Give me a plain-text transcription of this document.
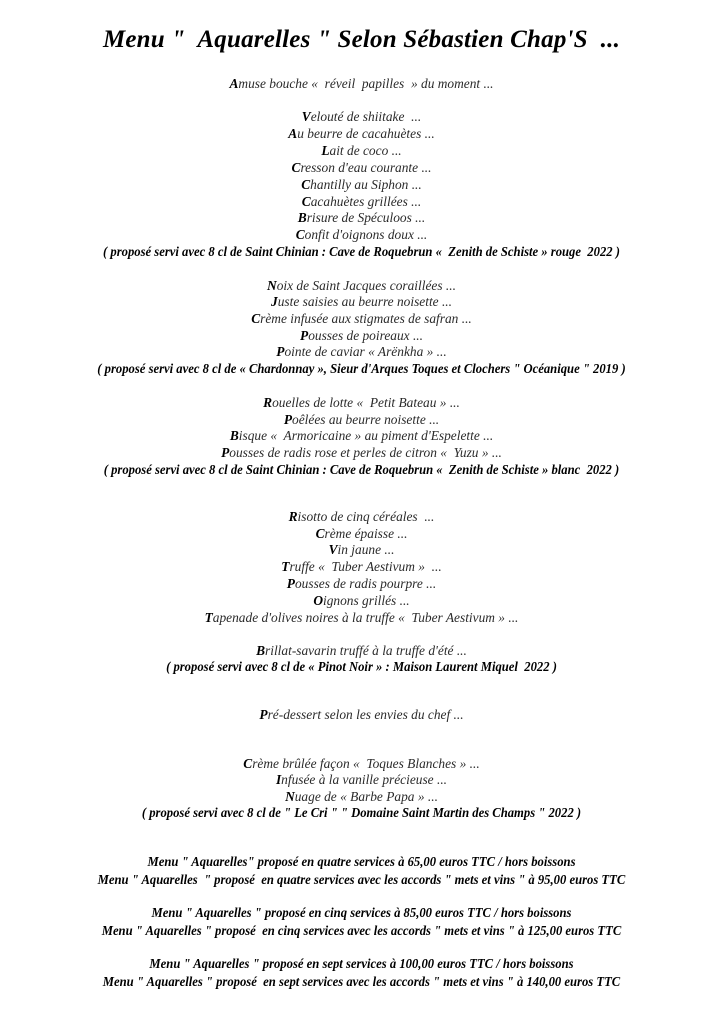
Menu "  Aquarelles " Selon Sébastien Chap'S  ...
Amuse bouche «  réveil  papilles  » du moment ...
Velouté de shiitake  ...
Au beurre de cacahuètes ...
Lait de coco ...
Cresson d'eau courante ...
Chantilly au Siphon ...
Cacahuètes grillées ...
Brisure de Spéculoos ...
Confit d'oignons doux ...
( proposé servi avec 8 cl de Saint Chinian : Cave de Roquebrun «  Zenith de Schiste » rouge  2022 )
Noix de Saint Jacques coraillées ...
Juste saisies au beurre noisette ...
Crème infusée aux stigmates de safran ...
Pousses de poireaux ...
Pointe de caviar « Arënkha » ...
( proposé servi avec 8 cl de « Chardonnay », Sieur d'Arques Toques et Clochers " Océanique " 2019 )
Rouelles de lotte «  Petit Bateau » ...
Poêlées au beurre noisette ...
Bisque «  Armoricaine » au piment d'Espelette ...
Pousses de radis rose et perles de citron «  Yuzu » ...
( proposé servi avec 8 cl de Saint Chinian : Cave de Roquebrun «  Zenith de Schiste » blanc  2022 )
Risotto de cinq céréales  ...
Crème épaisse ...
Vin jaune ...
Truffe «  Tuber Aestivum »  ...
Pousses de radis pourpre ...
Oignons grillés ...
Tapenade d'olives noires à la truffe «  Tuber Aestivum » ...
Brillat-savarin truffé à la truffe d'été ...
( proposé servi avec 8 cl de « Pinot Noir » : Maison Laurent Miquel  2022 )
Pré-dessert selon les envies du chef ...
Crème brûlée façon «  Toques Blanches » ...
Infusée à la vanille précieuse ...
Nuage de « Barbe Papa » ...
( proposé servi avec 8 cl de " Le Cri " " Domaine Saint Martin des Champs " 2022 )
Menu " Aquarelles" proposé en quatre services à 65,00 euros TTC / hors boissons
Menu " Aquarelles  " proposé  en quatre services avec les accords " mets et vins " à 95,00 euros TTC
Menu " Aquarelles " proposé en cinq services à 85,00 euros TTC / hors boissons
Menu " Aquarelles " proposé  en cinq services avec les accords " mets et vins " à 125,00 euros TTC
Menu " Aquarelles " proposé en sept services à 100,00 euros TTC / hors boissons
Menu " Aquarelles " proposé  en sept services avec les accords " mets et vins " à 140,00 euros TTC
